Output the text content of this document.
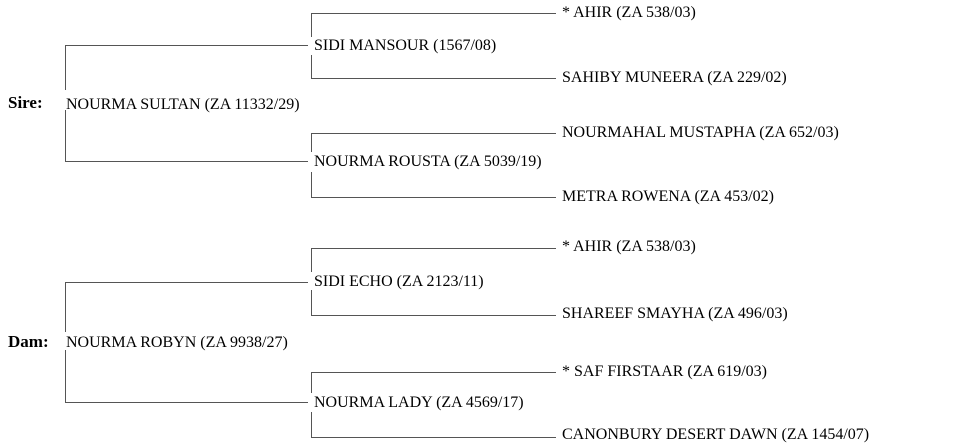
Sire: NOURMA SULTAN (ZA 11332/29)
SIDI MANSOUR (1567/08)
* AHIR (ZA 538/03)
SAHIBY MUNEERA (ZA 229/02)
NOURMA ROUSTA (ZA 5039/19)
NOURMAHAL MUSTAPHA (ZA 652/03)
METRA ROWENA (ZA 453/02)
Dam: NOURMA ROBYN (ZA 9938/27)
SIDI ECHO (ZA 2123/11)
* AHIR (ZA 538/03)
SHAREEF SMAYHA (ZA 496/03)
NOURMA LADY (ZA 4569/17)
* SAF FIRSTAAR (ZA 619/03)
CANONBURY DESERT DAWN (ZA 1454/07)
